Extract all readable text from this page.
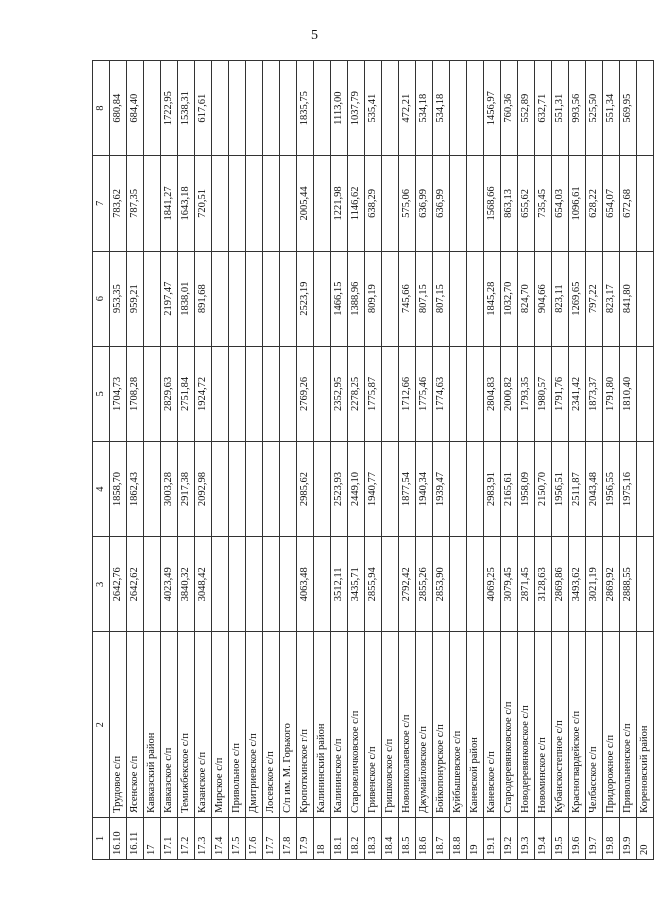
5
1	2	3	4	5	6	7	8
16.10	Трудовое с/п	2642,76	1858,70	1704,73	953,35	783,62	680,84
16.11	Ясенское с/п	2642,62	1862,43	1708,28	959,21	787,35	684,40
17	Кавказский район						
17.1	Кавказское с/п	4023,49	3003,28	2829,63	2197,47	1841,27	1722,95
17.2	Темижбекское с/п	3840,32	2917,38	2751,84	1838,01	1643,18	1538,31
17.3	Казанское с/п	3048,42	2092,98	1924,72	891,68	720,51	617,61
17.4	Мирское с/п						
17.5	Привольное с/п						
17.6	Дмитриевское с/п						
17.7	Лосевское с/п						
17.8	С/п им. М. Горького						
17.9	Кропоткинское г/п	4063,48	2985,62	2769,26	2523,19	2005,44	1835,75
18	Калининский район						
18.1	Калининское с/п	3512,11	2523,93	2352,95	1466,15	1221,98	1113,00
18.2	Старовеличковское с/п	3435,71	2449,10	2278,25	1388,96	1146,62	1037,79
18.3	Гривенское с/п	2855,94	1940,77	1775,87	809,19	638,29	535,41
18.4	Гришковское с/п						
18.5	Новониколаевское с/п	2792,42	1877,54	1712,66	745,66	575,06	472,21
18.6	Джумайловское с/п	2855,26	1940,34	1775,46	807,15	636,99	534,18
18.7	Бойкопонурское с/п	2853,90	1939,47	1774,63	807,15	636,99	534,18
18.8	Куйбышевское с/п						
19	Каневской район						
19.1	Каневское с/п	4069,25	2983,91	2804,83	1845,28	1568,66	1456,97
19.2	Стародеревянковское с/п	3079,45	2165,61	2000,82	1032,70	863,13	760,36
19.3	Новодеревянковское с/п	2871,45	1958,09	1793,35	824,70	655,62	552,89
19.4	Новоминское с/п	3128,63	2150,70	1980,57	904,66	735,45	632,71
19.5	Кубанскостепное с/п	2869,86	1956,51	1791,76	823,11	654,03	551,31
19.6	Красногвардейское с/п	3493,62	2511,87	2341,42	1269,65	1096,61	993,56
19.7	Челбасское с/п	3021,19	2043,48	1873,37	797,22	628,22	525,50
19.8	Придорожное с/п	2869,92	1956,55	1791,80	823,17	654,07	551,34
19.9	Привольненское с/п	2888,55	1975,16	1810,40	841,80	672,68	569,95
20	Кореновский район						
